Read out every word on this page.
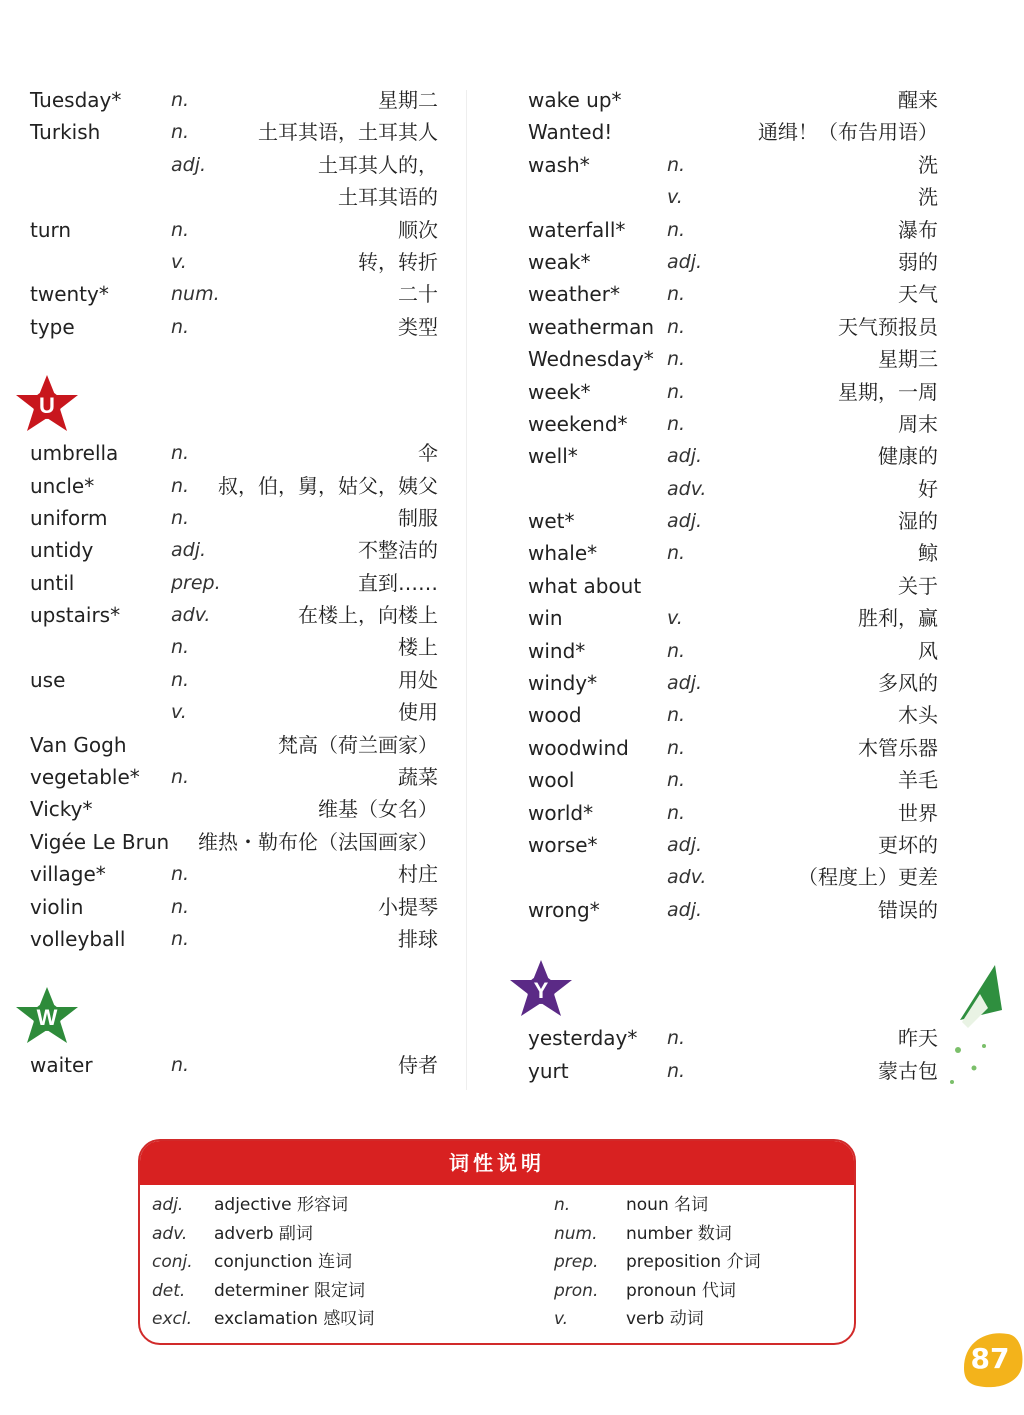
Tuesday*	n.	星期二
Turkish	n.	土耳其语，土耳其人
adj.	土耳其人的，
土耳其语的
turn	n.	顺次
v.	转，转折
twenty*	num.	二十
type	n.	类型
U
umbrella	n.	伞
uncle*	n. 叔，伯，舅，姑父，姨父
uniform	n.	制服
untidy	adj.	不整洁的
until	prep.	直到……
upstairs*	adv.	在楼上，向楼上
n.	楼上
use	n.	用处
v.	使用
Van Gogh	梵高（荷兰画家）
vegetable* n.	蔬菜
Vicky*	维基（女名）
Vigée Le Brun 维热・勒布伦（法国画家）
village*	n.	村庄
violin	n.	小提琴
volleyball n.	排球
W
waiter	n.	侍者
wake up*	醒来
Wanted!	通缉！（布告用语）
wash*	n.	洗
v.	洗
waterfall* n.	瀑布
weak*	adj.	弱的
weather* n.	天气
weatherman n.	天气预报员
Wednesday* n.	星期三
week*	n.	星期，一周
weekend* n.	周末
well*	adj.	健康的
adv.	好
wet*	adj.	湿的
whale*	n.	鲸
what about	关于
win	v.	胜利，赢
wind*	n.	风
windy*	adj.	多风的
wood	n.	木头
woodwind n.	木管乐器
wool	n.	羊毛
world*	n.	世界
worse*	adj.	更坏的
adv.	（程度上）更差
wrong*	adj.	错误的
Y
yesterday* n.	昨天
yurt	n.	蒙古包
词性说明
adj. adjective 形容词
adv. adverb 副词
conj. conjunction 连词
det. determiner 限定词
excl. exclamation 感叹词
n.	noun 名词
num. number 数词
prep. preposition 介词
pron. pronoun 代词
v.	verb 动词
87
